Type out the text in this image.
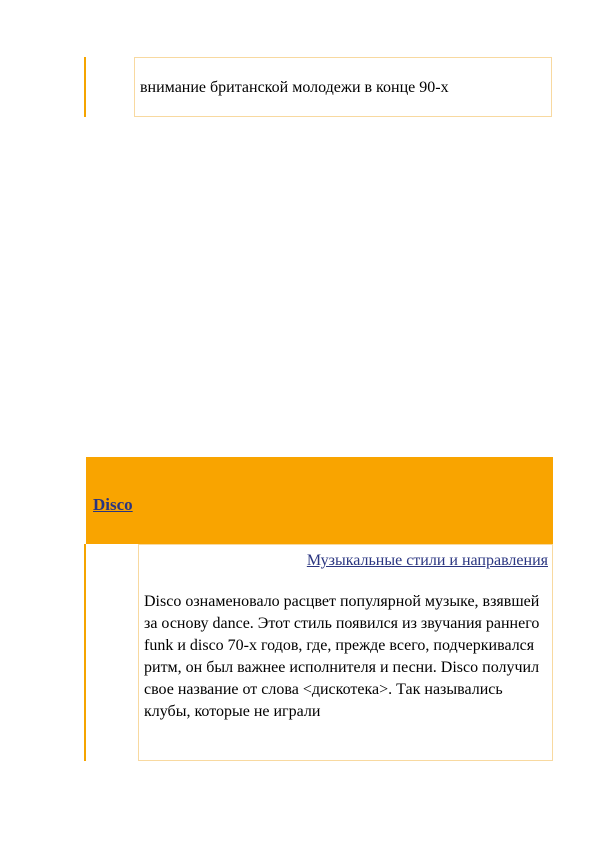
внимание британской молодежи в конце 90-х
Disco
Музыкальные стили и направления

Disco ознаменовало расцвет популярной музыке, взявшей за основу dance. Этот стиль появился из звучания раннего funk и disco 70-х годов, где, прежде всего, подчеркивался ритм, он был важнее исполнителя и песни. Disco получил свое название от слова <дискотека>. Так назывались клубы, которые не играли
